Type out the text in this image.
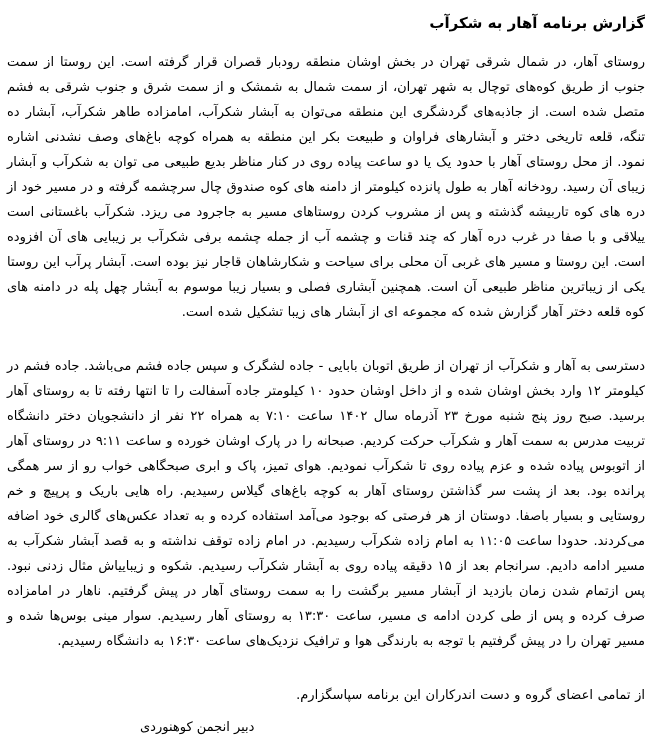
گزارش برنامه آهار به شکرآب

روستای آهار، در شمال شرقی تهران در بخش اوشان منطقه رودبار قصران قرار گرفته است. این روستا از سمت جنوب از طریق کوه‌های توچال به شهر تهران، از سمت شمال به شمشک و از سمت شرق و جنوب شرقی به فشم متصل شده است. از جاذبه‌های گردشگری این منطقه می‌توان به آبشار شکرآب، امامزاده طاهر شکرآب، آبشار ده تنگه، قلعه تاریخی دختر و آبشارهای فراوان و طبیعت بکر این منطقه به همراه کوچه باغ‌های وصف نشدنی اشاره نمود. از محل روستای آهار با حدود یک یا دو ساعت پیاده روی در کنار مناظر بدیع طبیعی می توان به شکرآب و آبشار زیبای آن رسید. رودخانه آهار به طول پانزده کیلومتر از دامنه های کوه صندوق چال سرچشمه گرفته و در مسیر خود از دره های کوه تاربیشه گذشته و پس از مشروب کردن روستاهای مسیر به جاجرود می ریزد. شکرآب باغستانی است ییلاقی و با صفا در غرب دره آهار که چند قنات و چشمه آب از جمله چشمه برفی شکرآب بر زیبایی های آن افزوده است. این روستا و مسیر های غربی آن محلی برای سیاحت و شکارشاهان قاجار نیز بوده است. آبشار پرآب این روستا یکی از زیباترین مناظر طبیعی آن است. همچنین آبشاری فصلی و بسیار زیبا موسوم به آبشار چهل پله در دامنه های کوه قلعه دختر آهار گزارش شده که مجموعه ای از آبشار های زیبا تشکیل شده است.

دسترسی به آهار و شکرآب از تهران از طریق اتوبان بابایی - جاده لشگرک و سپس جاده فشم می‌باشد. جاده فشم در کیلومتر ۱۲ وارد بخش اوشان شده و از داخل اوشان حدود ۱۰ کیلومتر جاده آسفالت را تا انتها رفته تا به روستای آهار برسید. صبح روز پنج شنبه مورخ ۲۳ آذرماه سال ۱۴۰۲ ساعت ۷:۱۰ به همراه ۲۲ نفر از دانشجویان دختر دانشگاه تربیت مدرس به سمت آهار و شکرآب حرکت کردیم. صبحانه را در پارک اوشان خورده و ساعت ۹:۱۱ در روستای آهار از اتوبوس پیاده شده و عزم پیاده روی تا شکرآب نمودیم. هوای تمیز، پاک و ابری صبحگاهی خواب رو از سر همگی پرانده بود. بعد از پشت سر گذاشتن روستای آهار به کوچه باغ‌های گیلاس رسیدیم. راه هایی باریک و پرپیچ و خم روستایی و بسیار باصفا. دوستان از هر فرصتی که بوجود می‌آمد استفاده کرده و به تعداد عکس‌های گالری خود اضافه می‌کردند. حدودا ساعت ۱۱:۰۵ به امام زاده شکرآب رسیدیم. در امام زاده توقف نداشته و به قصد آبشار شکرآب به مسیر ادامه دادیم. سرانجام بعد از ۱۵ دقیقه پیاده روی به آبشار شکرآب رسیدیم. شکوه و زیباییاش مثال زدنی نبود. پس ازتمام شدن زمان بازدید از آبشار مسیر برگشت را به سمت روستای آهار در پیش گرفتیم. ناهار در امامزاده صرف کرده و پس از طی کردن ادامه ی مسیر، ساعت ۱۳:۳۰ به روستای آهار رسیدیم. سوار مینی بوس‌ها شده و مسیر تهران را در پیش گرفتیم با توجه به بارندگی هوا و ترافیک نزدیک‌های ساعت ۱۶:۳۰ به دانشگاه رسیدیم.

از تمامی اعضای گروه و دست اندرکاران این برنامه سپاسگزارم.

دبیر انجمن کوهنوردی
